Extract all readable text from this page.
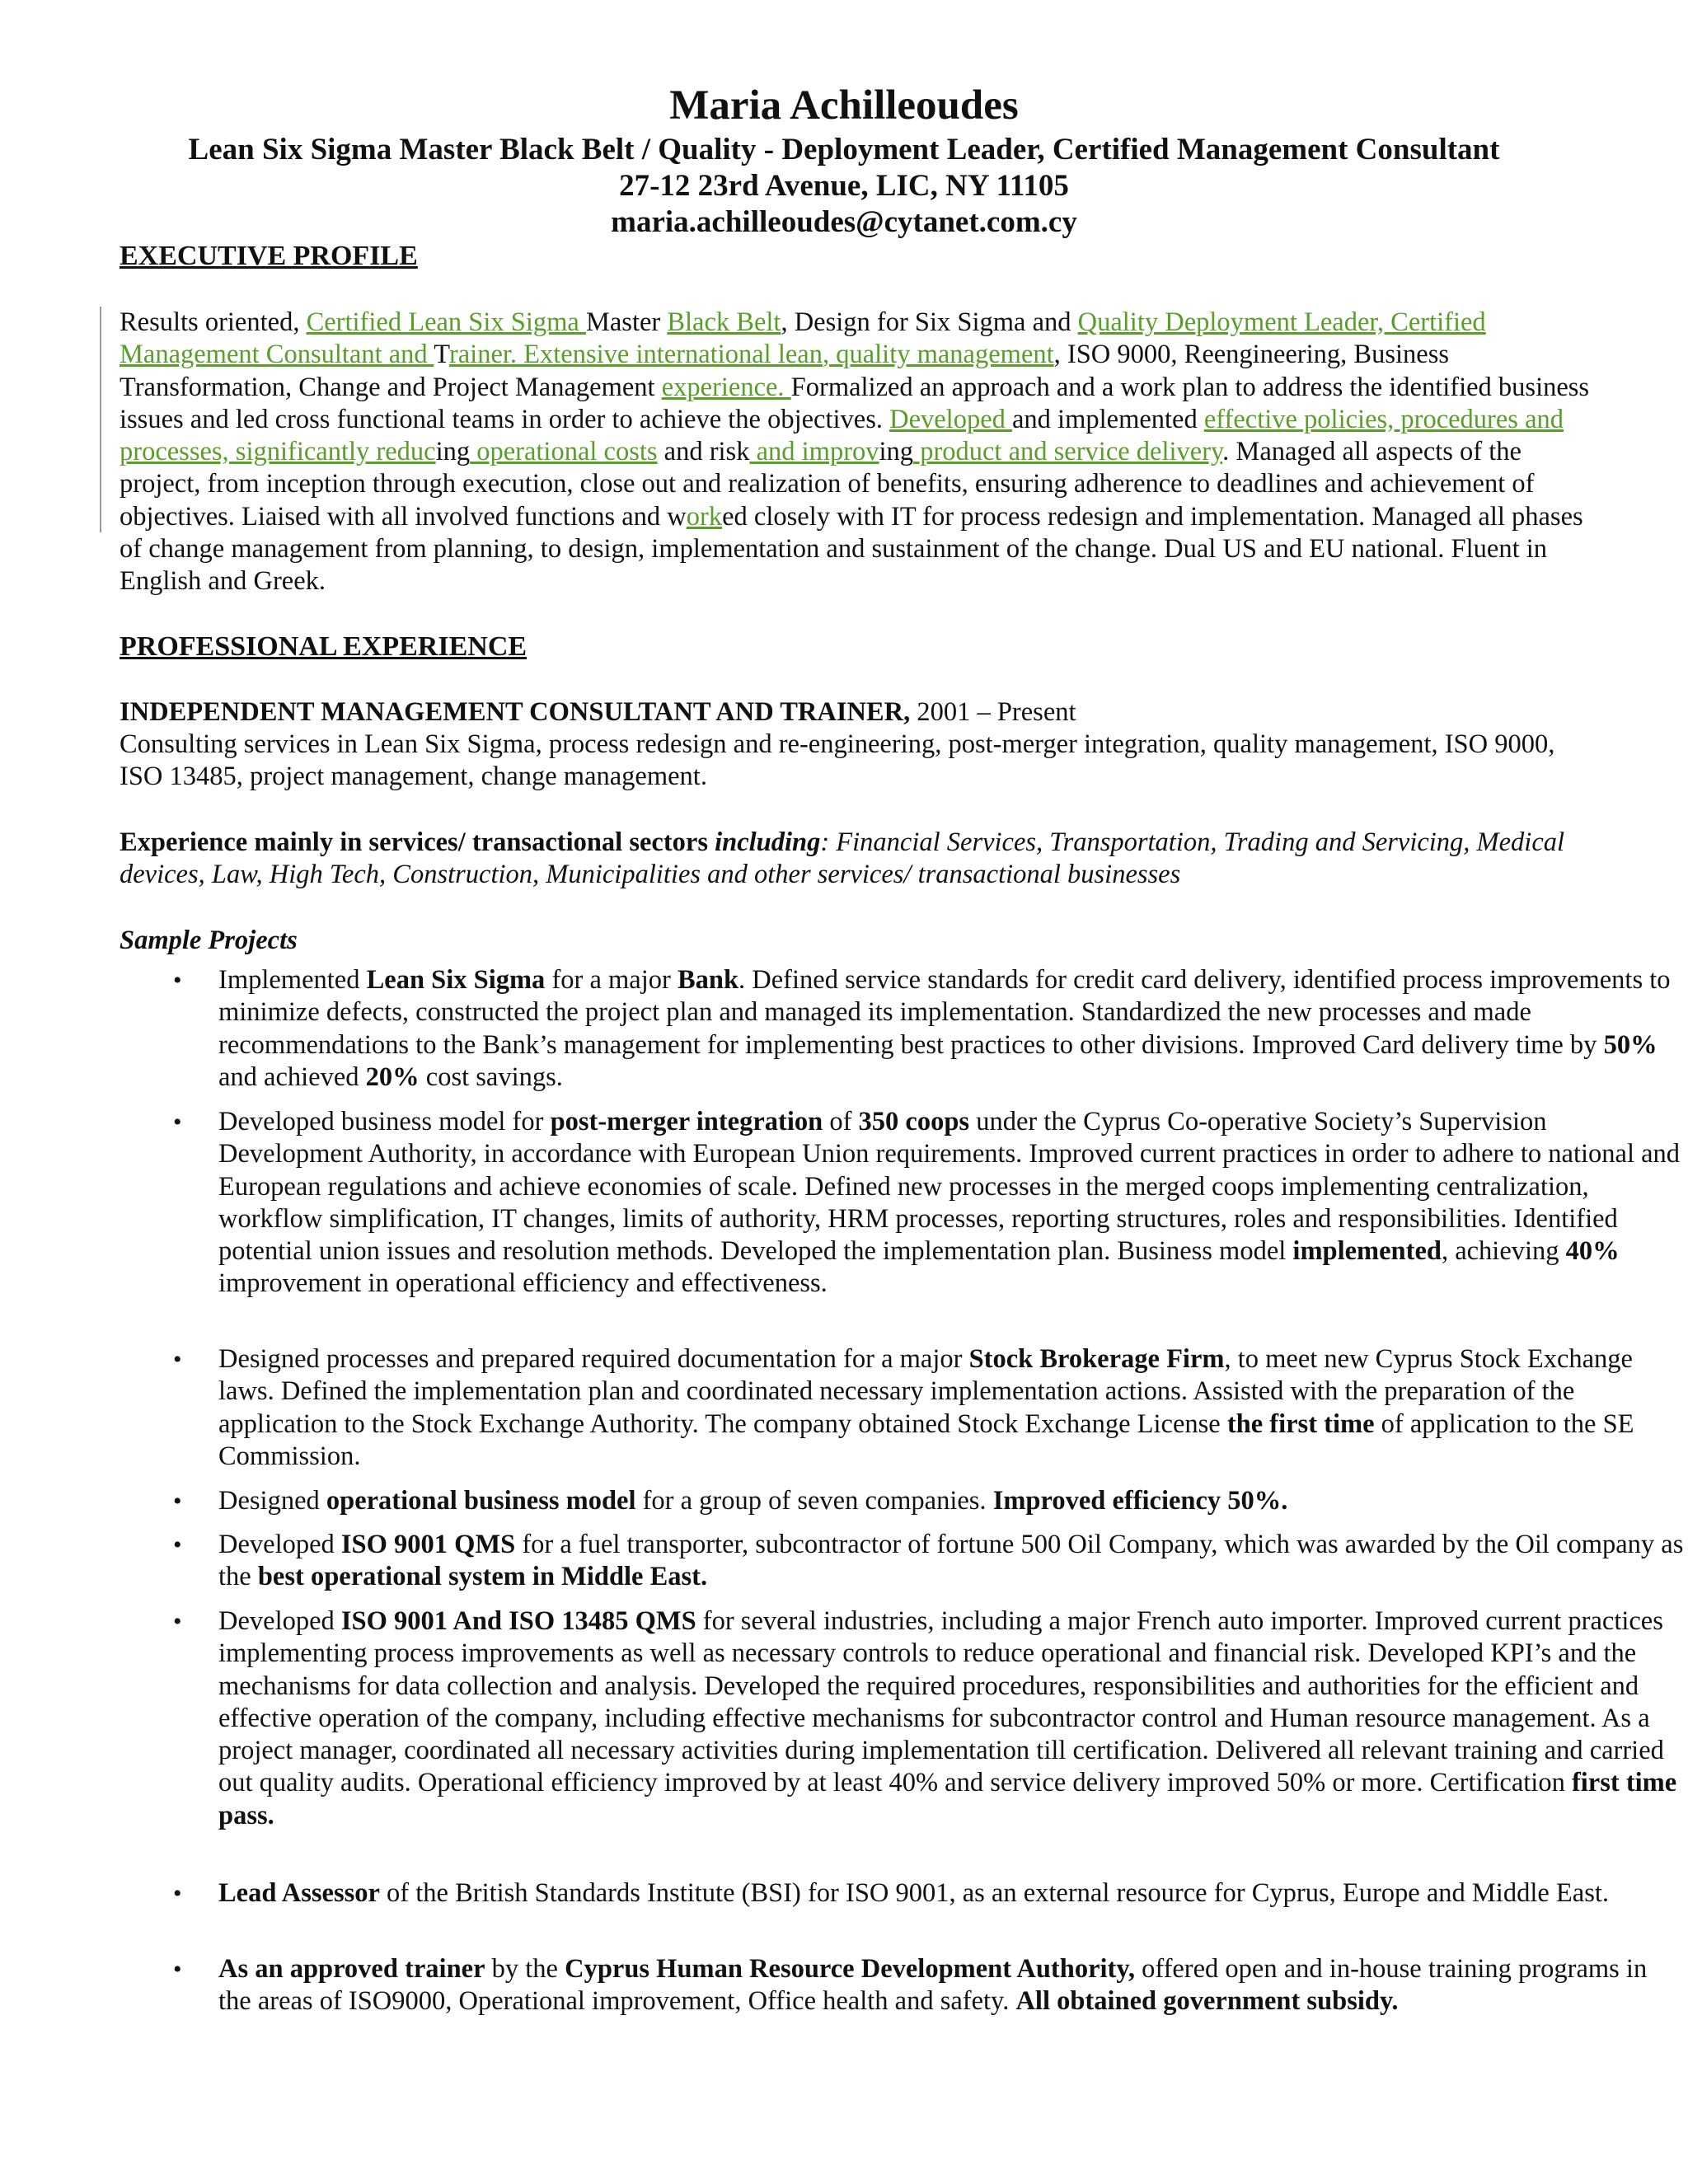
Maria Achilleoudes
Lean Six Sigma Master Black Belt / Quality - Deployment Leader, Certified Management Consultant
27-12 23rd Avenue, LIC, NY 11105
maria.achilleoudes@cytanet.com.cy
EXECUTIVE PROFILE
Results oriented, Certified Lean Six Sigma Master Black Belt, Design for Six Sigma and Quality Deployment Leader, Certified Management Consultant and Trainer. Extensive international lean, quality management, ISO 9000, Reengineering, Business Transformation, Change and Project Management experience. Formalized an approach and a work plan to address the identified business issues and led cross functional teams in order to achieve the objectives. Developed and implemented effective policies, procedures and processes, significantly reducing operational costs and risk and improving product and service delivery. Managed all aspects of the project, from inception through execution, close out and realization of benefits, ensuring adherence to deadlines and achievement of objectives. Liaised with all involved functions and worked closely with IT for process redesign and implementation. Managed all phases of change management from planning, to design, implementation and sustainment of the change. Dual US and EU national. Fluent in English and Greek.
PROFESSIONAL EXPERIENCE
INDEPENDENT MANAGEMENT CONSULTANT AND TRAINER, 2001 – Present
Consulting services in Lean Six Sigma, process redesign and re-engineering, post-merger integration, quality management, ISO 9000, ISO 13485, project management, change management.
Experience mainly in services/ transactional sectors including: Financial Services, Transportation, Trading and Servicing, Medical devices, Law, High Tech, Construction, Municipalities and other services/ transactional businesses
Sample Projects
•	Implemented Lean Six Sigma for a major Bank. Defined service standards for credit card delivery, identified process improvements to minimize defects, constructed the project plan and managed its implementation. Standardized the new processes and made recommendations to the Bank’s management for implementing best practices to other divisions. Improved Card delivery time by 50% and achieved 20% cost savings.
•	Developed business model for post-merger integration of 350 coops under the Cyprus Co-operative Society’s Supervision Development Authority, in accordance with European Union requirements. Improved current practices in order to adhere to national and European regulations and achieve economies of scale. Defined new processes in the merged coops implementing centralization, workflow simplification, IT changes, limits of authority, HRM processes, reporting structures, roles and responsibilities. Identified potential union issues and resolution methods. Developed the implementation plan. Business model implemented, achieving 40% improvement in operational efficiency and effectiveness.
•	Designed processes and prepared required documentation for a major Stock Brokerage Firm, to meet new Cyprus Stock Exchange laws. Defined the implementation plan and coordinated necessary implementation actions. Assisted with the preparation of the application to the Stock Exchange Authority. The company obtained Stock Exchange License the first time of application to the SE Commission.
•	Designed operational business model for a group of seven companies. Improved efficiency 50%.
•	Developed ISO 9001 QMS for a fuel transporter, subcontractor of fortune 500 Oil Company, which was awarded by the Oil company as the best operational system in Middle East.
•	Developed ISO 9001 And ISO 13485 QMS for several industries, including a major French auto importer. Improved current practices implementing process improvements as well as necessary controls to reduce operational and financial risk. Developed KPI’s and the mechanisms for data collection and analysis. Developed the required procedures, responsibilities and authorities for the efficient and effective operation of the company, including effective mechanisms for subcontractor control and Human resource management. As a project manager, coordinated all necessary activities during implementation till certification. Delivered all relevant training and carried out quality audits. Operational efficiency improved by at least 40% and service delivery improved 50% or more. Certification first time pass.
•	Lead Assessor of the British Standards Institute (BSI) for ISO 9001, as an external resource for Cyprus, Europe and Middle East.
•	As an approved trainer by the Cyprus Human Resource Development Authority, offered open and in-house training programs in the areas of ISO9000, Operational improvement, Office health and safety. All obtained government subsidy.
